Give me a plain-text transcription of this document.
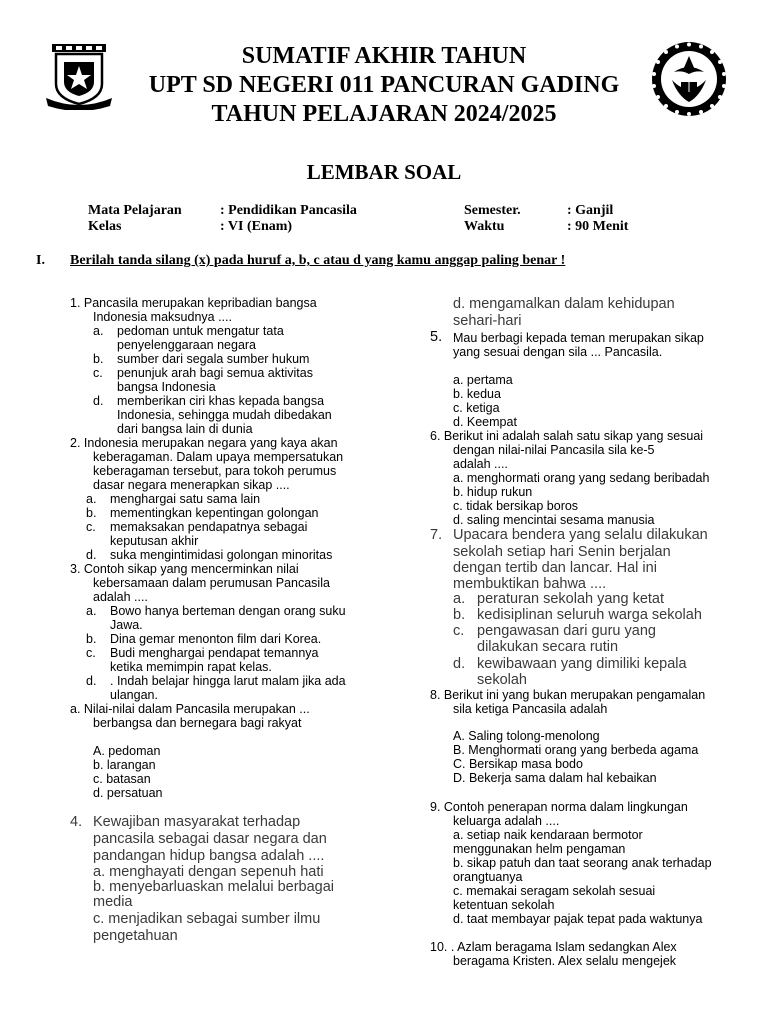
SUMATIF AKHIR TAHUN
UPT SD NEGERI 011 PANCURAN GADING
TAHUN PELAJARAN 2024/2025
LEMBAR SOAL
Mata Pelajaran	: Pendidikan Pancasila
Kelas	: VI (Enam)
Semester.	: Ganjil
Waktu	: 90 Menit
I. Berilah tanda silang (x) pada huruf a, b, c atau d yang kamu anggap paling benar !
1. Pancasila merupakan kepribadian bangsa
Indonesia maksudnya ....
a. pedoman untuk mengatur tata
penyelenggaraan negara
b. sumber dari segala sumber hukum
c. penunjuk arah bagi semua aktivitas
bangsa Indonesia
d. memberikan ciri khas kepada bangsa
Indonesia, sehingga mudah dibedakan
dari bangsa lain di dunia
2. Indonesia merupakan negara yang kaya akan
keberagaman. Dalam upaya mempersatukan
keberagaman tersebut, para tokoh perumus
dasar negara menerapkan sikap ....
a. menghargai satu sama lain
b. mementingkan kepentingan golongan
c. memaksakan pendapatnya sebagai
keputusan akhir
d. suka mengintimidasi golongan minoritas
3. Contoh sikap yang mencerminkan nilai
kebersamaan dalam perumusan Pancasila
adalah ....
a. Bowo hanya berteman dengan orang suku
Jawa.
b. Dina gemar menonton film dari Korea.
c. Budi menghargai pendapat temannya
ketika memimpin rapat kelas.
d. . Indah belajar hingga larut malam jika ada
ulangan.
a. Nilai-nilai dalam Pancasila merupakan ...
berbangsa dan bernegara bagi rakyat
A. pedoman
b. larangan
c. batasan
d. persatuan
4. Kewajiban masyarakat terhadap
pancasila sebagai dasar negara dan
pandangan hidup bangsa adalah ....
a. menghayati dengan sepenuh hati
b. menyebarluaskan melalui berbagai
media
c. menjadikan sebagai sumber ilmu
pengetahuan
d. mengamalkan dalam kehidupan
sehari-hari
5. Mau berbagi kepada teman merupakan sikap
yang sesuai dengan sila ... Pancasila.
a. pertama
b. kedua
c. ketiga
d. Keempat
6. Berikut ini adalah salah satu sikap yang sesuai
dengan nilai-nilai Pancasila sila ke-5
adalah ....
a. menghormati orang yang sedang beribadah
b. hidup rukun
c. tidak bersikap boros
d. saling mencintai sesama manusia
7. Upacara bendera yang selalu dilakukan
sekolah setiap hari Senin berjalan
dengan tertib dan lancar. Hal ini
membuktikan bahwa ....
a. peraturan sekolah yang ketat
b. kedisiplinan seluruh warga sekolah
c. pengawasan dari guru yang
dilakukan secara rutin
d. kewibawaan yang dimiliki kepala
sekolah
8. Berikut ini yang bukan merupakan pengamalan
sila ketiga Pancasila adalah
A. Saling tolong-menolong
B. Menghormati orang yang berbeda agama
C. Bersikap masa bodo
D. Bekerja sama dalam hal kebaikan
9. Contoh penerapan norma dalam lingkungan
keluarga adalah ....
a. setiap naik kendaraan bermotor
menggunakan helm pengaman
b. sikap patuh dan taat seorang anak terhadap
orangtuanya
c. memakai seragam sekolah sesuai
ketentuan sekolah
d. taat membayar pajak tepat pada waktunya
10. . Azlam beragama Islam sedangkan Alex
beragama Kristen. Alex selalu mengejek
